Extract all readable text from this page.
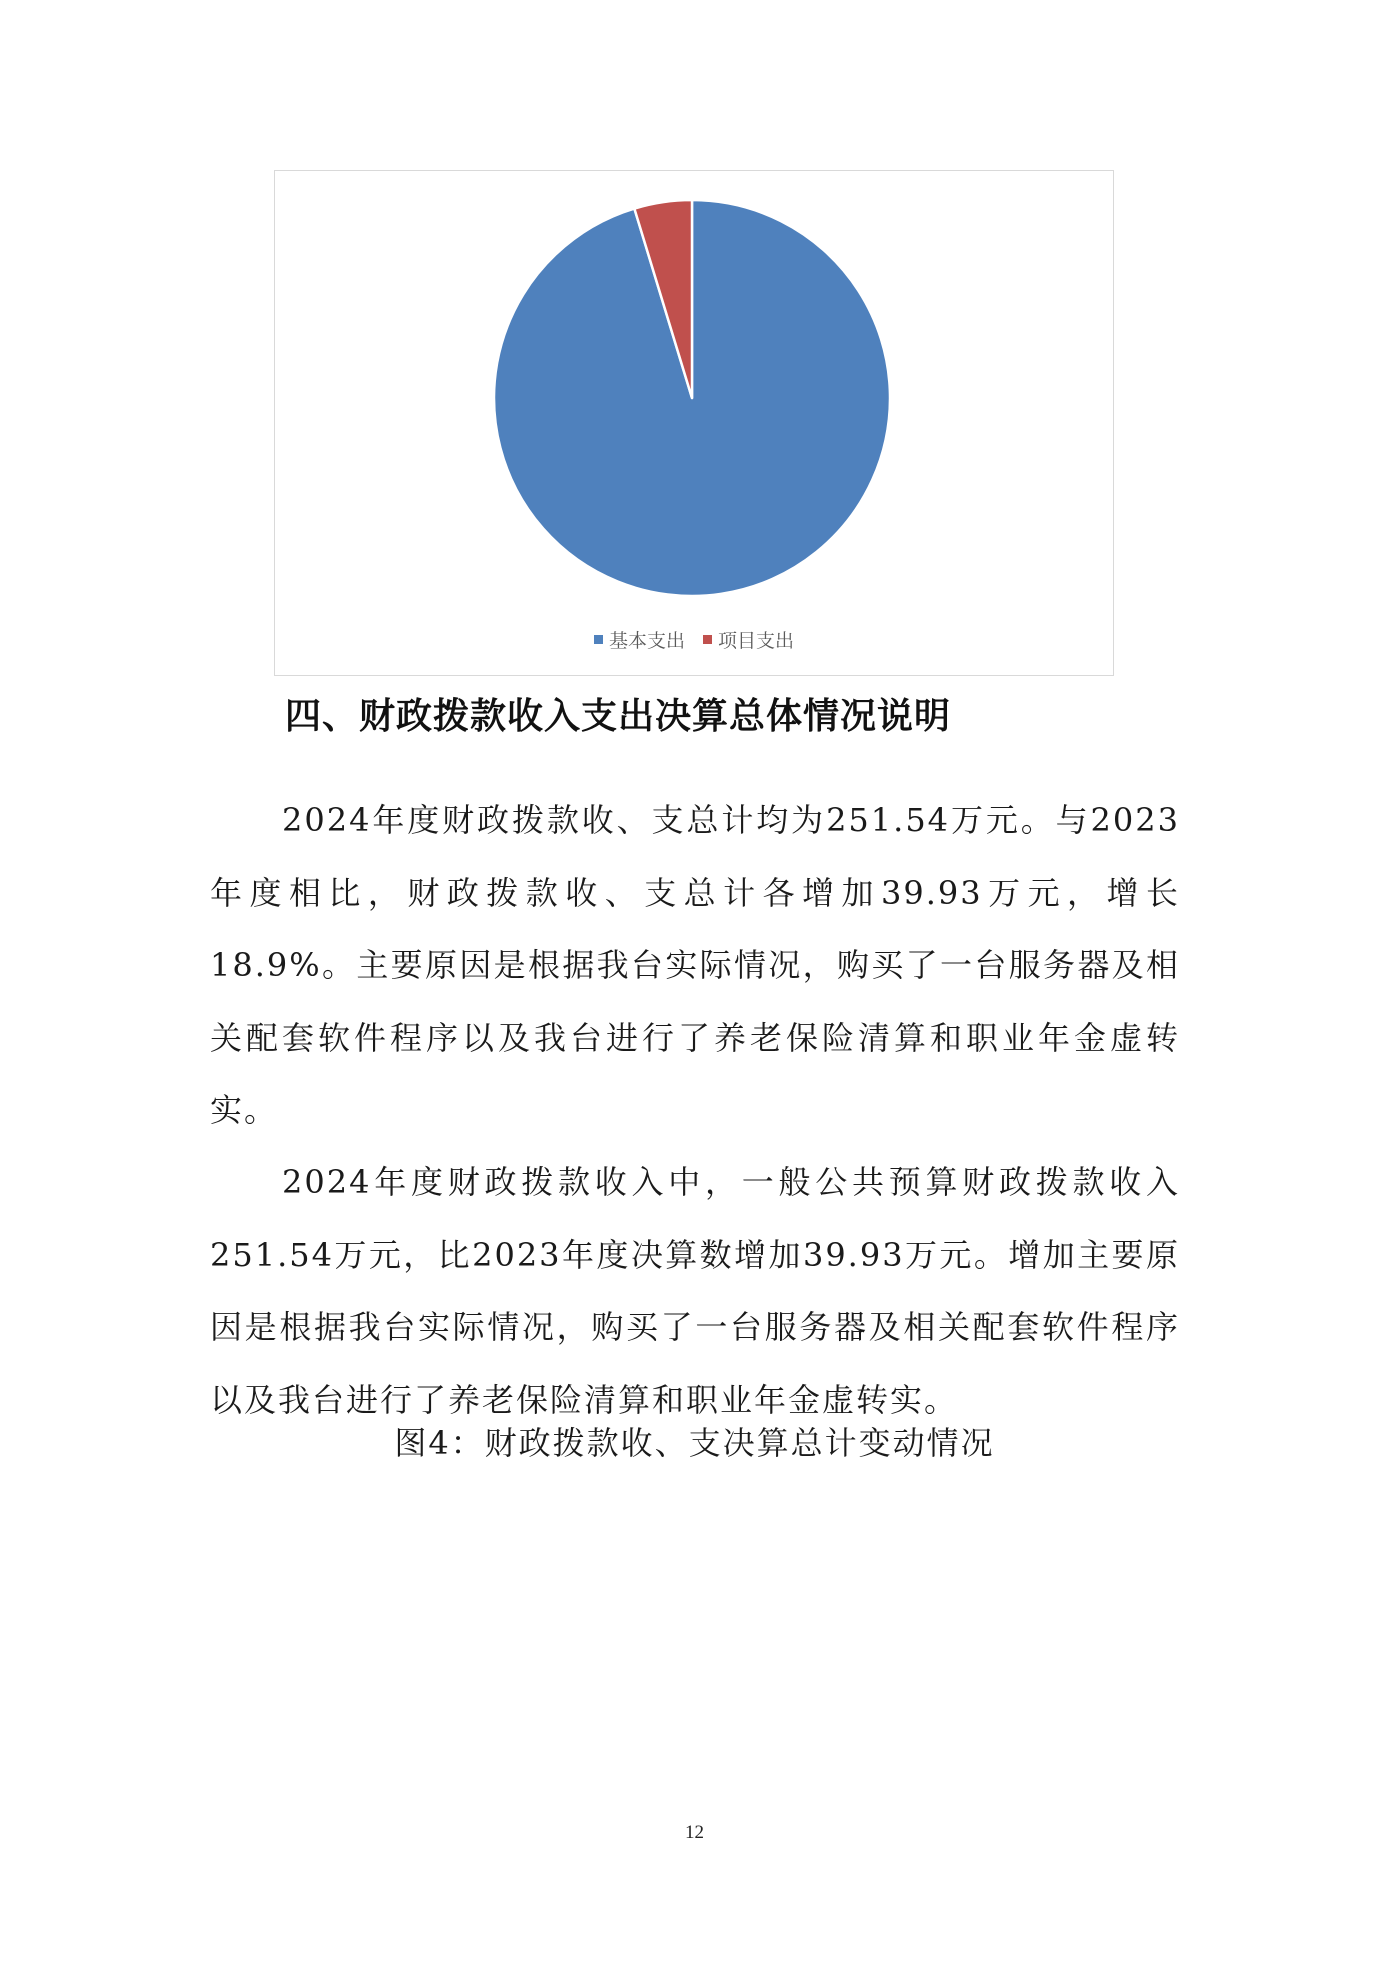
基本支出 项目支出
四、财政拨款收入支出决算总体情况说明

2024年度财政拨款收、支总计均为251.54万元。与2023年度相比，财政拨款收、支总计各增加39.93万元，增长18.9%。主要原因是根据我台实际情况，购买了一台服务器及相关配套软件程序以及我台进行了养老保险清算和职业年金虚转实。

2024年度财政拨款收入中，一般公共预算财政拨款收入251.54万元，比2023年度决算数增加39.93万元。增加主要原因是根据我台实际情况，购买了一台服务器及相关配套软件程序以及我台进行了养老保险清算和职业年金虚转实。

图4：财政拨款收、支决算总计变动情况
12
